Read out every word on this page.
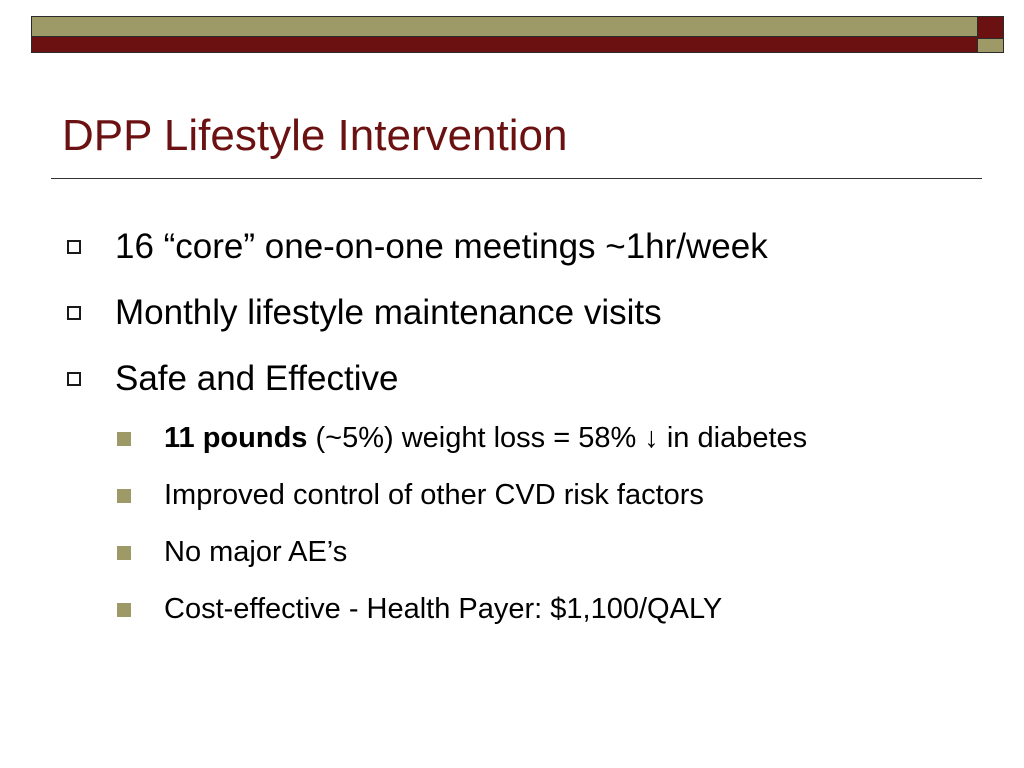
DPP Lifestyle Intervention
16 “core” one-on-one meetings ~1hr/week
Monthly lifestyle maintenance visits
Safe and Effective
11 pounds (~5%) weight loss = 58% ↓ in diabetes
Improved control of other CVD risk factors
No major AE’s
Cost-effective - Health Payer: $1,100/QALY
